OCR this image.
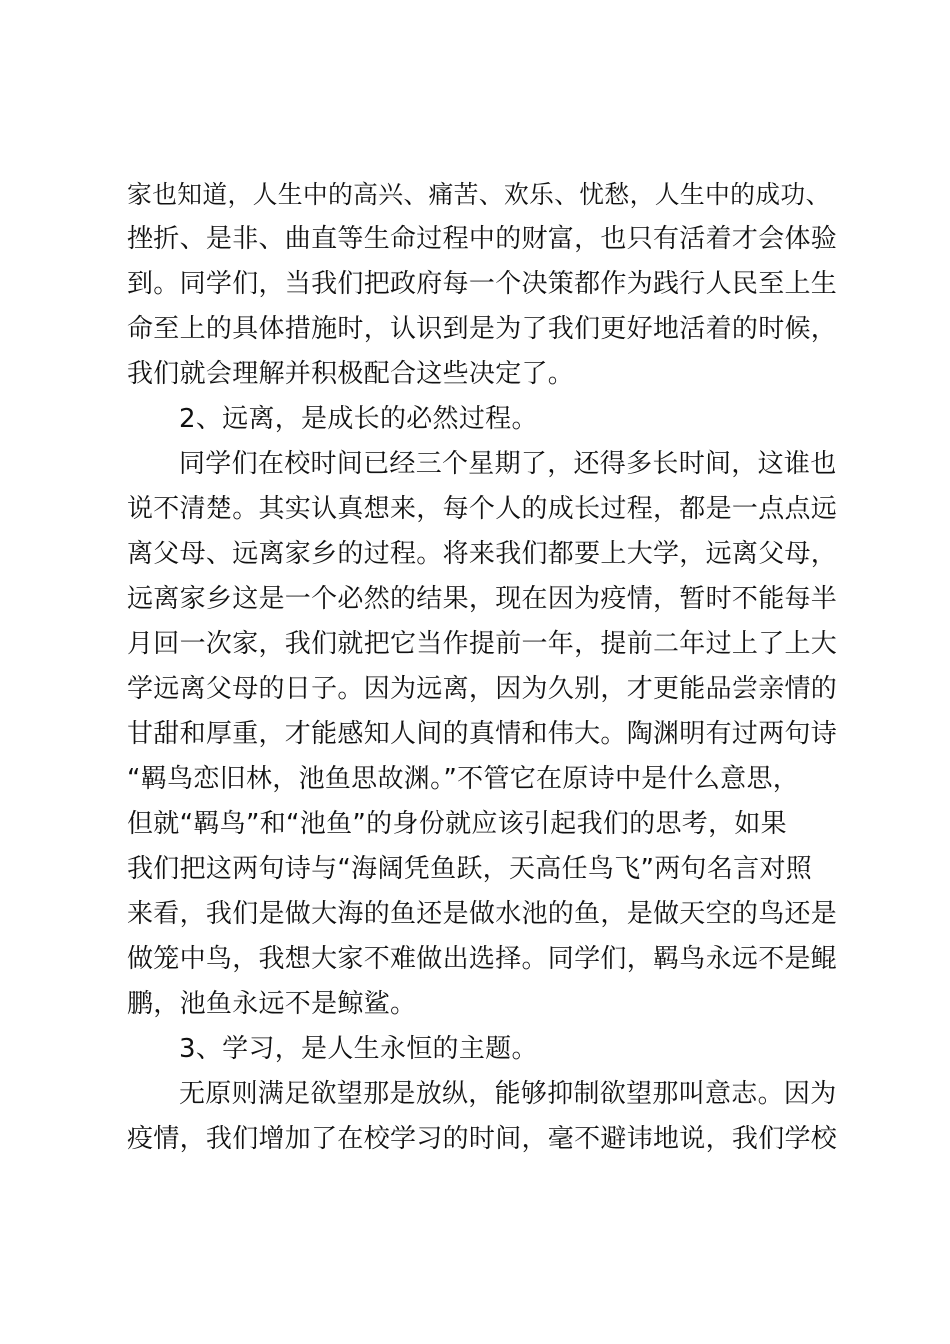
家也知道，人生中的高兴、痛苦、欢乐、忧愁，人生中的成功、
挫折、是非、曲直等生命过程中的财富，也只有活着才会体验
到。同学们，当我们把政府每一个决策都作为践行人民至上生
命至上的具体措施时，认识到是为了我们更好地活着的时候，
我们就会理解并积极配合这些决定了。
2、远离，是成长的必然过程。
同学们在校时间已经三个星期了，还得多长时间，这谁也
说不清楚。其实认真想来，每个人的成长过程，都是一点点远
离父母、远离家乡的过程。将来我们都要上大学，远离父母，
远离家乡这是一个必然的结果，现在因为疫情，暂时不能每半
月回一次家，我们就把它当作提前一年，提前二年过上了上大
学远离父母的日子。因为远离，因为久别，才更能品尝亲情的
甘甜和厚重，才能感知人间的真情和伟大。陶渊明有过两句诗
“羁鸟恋旧林，池鱼思故渊。”不管它在原诗中是什么意思，
但就“羁鸟”和“池鱼”的身份就应该引起我们的思考，如果
我们把这两句诗与“海阔凭鱼跃，天高任鸟飞”两句名言对照
来看，我们是做大海的鱼还是做水池的鱼，是做天空的鸟还是
做笼中鸟，我想大家不难做出选择。同学们，羁鸟永远不是鲲
鹏，池鱼永远不是鲸鲨。
3、学习，是人生永恒的主题。
无原则满足欲望那是放纵，能够抑制欲望那叫意志。因为
疫情，我们增加了在校学习的时间，毫不避讳地说，我们学校
